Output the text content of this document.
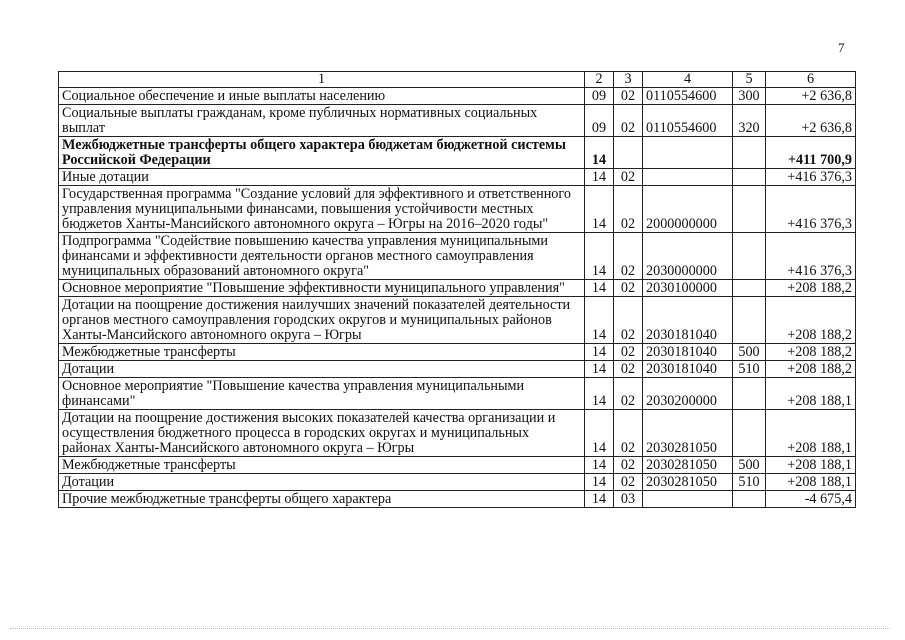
7
1	2	3	4	5	6
Социальное обеспечение и иные выплаты населению	09	02	0110554600	300	+2 636,8
Социальные выплаты гражданам, кроме публичных нормативных социальных выплат	09	02	0110554600	320	+2 636,8
Межбюджетные трансферты общего характера бюджетам бюджетной системы Российской Федерации	14				+411 700,9
Иные дотации	14	02			+416 376,3
Государственная программа "Создание условий для эффективного и ответственного управления муниципальными финансами, повышения устойчивости местных бюджетов Ханты-Мансийского автономного округа – Югры на 2016–2020 годы"	14	02	2000000000		+416 376,3
Подпрограмма "Содействие повышению качества управления муниципальными финансами и эффективности деятельности органов местного самоуправления муниципальных образований автономного округа"	14	02	2030000000		+416 376,3
Основное мероприятие "Повышение эффективности муниципального управления"	14	02	2030100000		+208 188,2
Дотации на поощрение достижения наилучших значений показателей деятельности органов местного самоуправления городских округов и муниципальных районов Ханты-Мансийского автономного округа – Югры	14	02	2030181040		+208 188,2
Межбюджетные трансферты	14	02	2030181040	500	+208 188,2
Дотации	14	02	2030181040	510	+208 188,2
Основное мероприятие "Повышение качества управления муниципальными финансами"	14	02	2030200000		+208 188,1
Дотации на поощрение достижения высоких показателей качества организации и осуществления бюджетного процесса в городских округах и муниципальных районах Ханты-Мансийского автономного округа – Югры	14	02	2030281050		+208 188,1
Межбюджетные трансферты	14	02	2030281050	500	+208 188,1
Дотации	14	02	2030281050	510	+208 188,1
Прочие межбюджетные трансферты общего характера	14	03			-4 675,4
